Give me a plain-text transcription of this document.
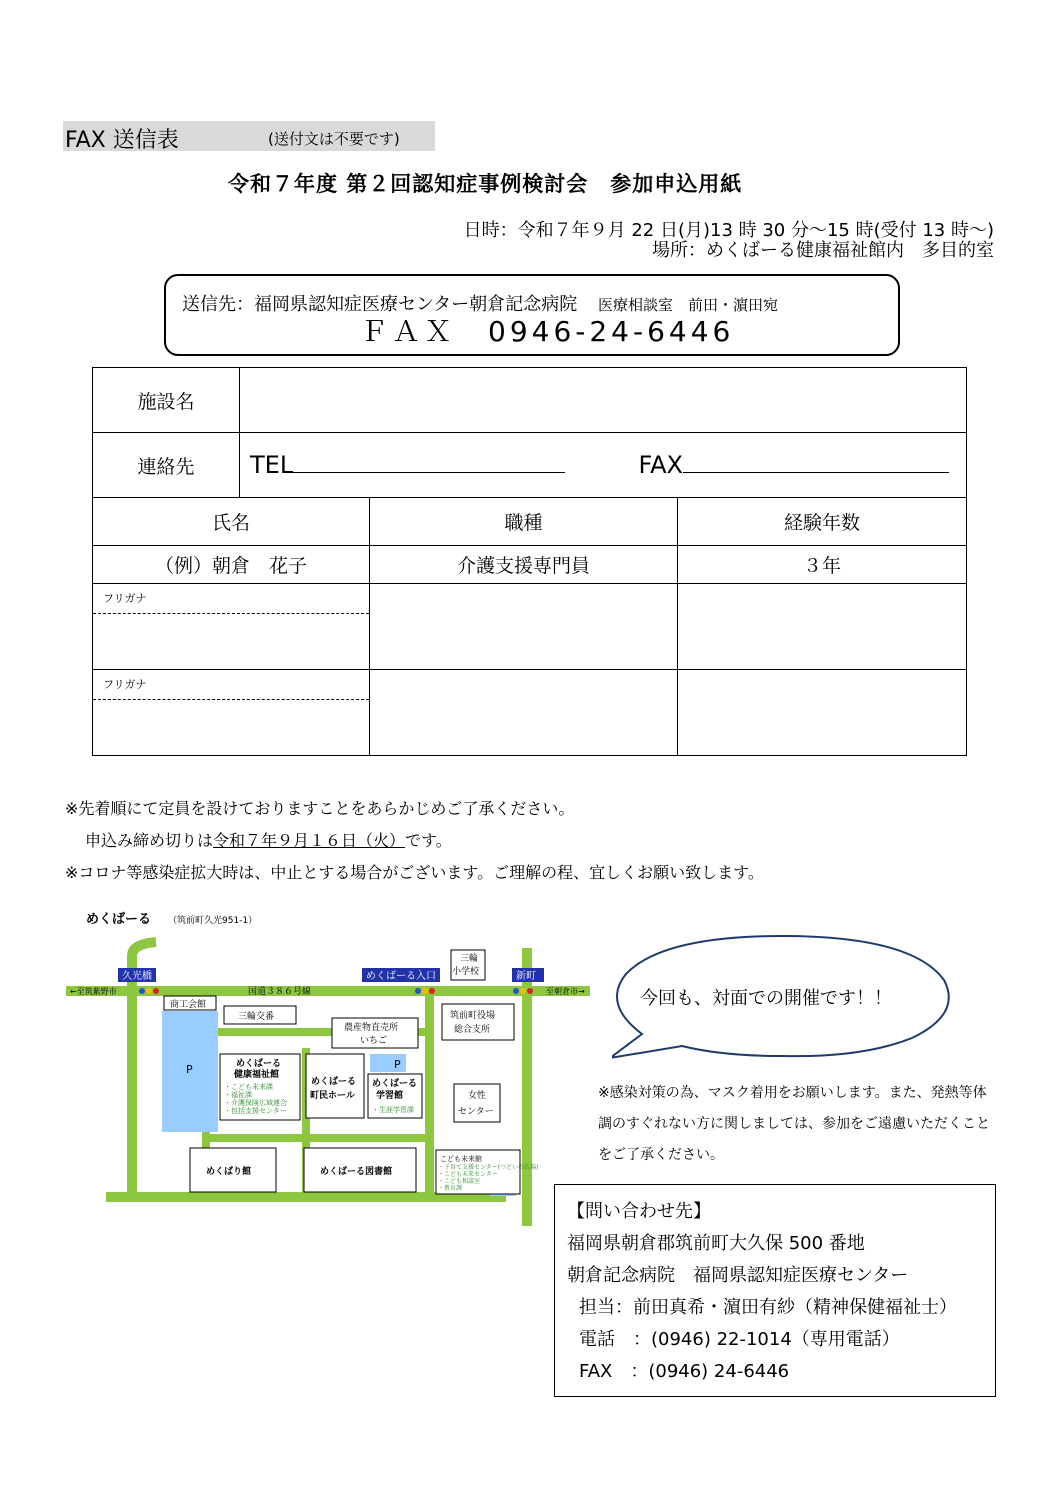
FAX 送信表	(送付文は不要です)
令和７年度 第２回認知症事例検討会　参加申込用紙
日時：令和７年９月 22 日(月)13 時 30 分～15 時(受付 13 時～)
場所：めくばーる健康福祉館内　多目的室
送信先：福岡県認知症医療センター朝倉記念病院 　 医療相談室　前田・濵田宛
ＦＡＸ　0946-24-6446
施設名			
連絡先	TEL FAX		
氏名		職種	経験年数
（例）朝倉　花子		介護支援専門員	３年

フリガナ			

フリガナ			

※先着順にて定員を設けておりますことをあらかじめご了承ください。
申込み締め切りは令和７年９月１６日（火）です。
※コロナ等感染症拡大時は、中止とする場合がございます。ご理解の程、宜しくお願い致します。
P	P
めくばーる （筑前町久光951-1）
久光橋	めくばーる入口	新町
←至筑紫野市	至朝倉市→
国道３８６号線
三輪
小学校
商工会館
三輪交番
農産物直売所
いちご
筑前町役場
総合支所
めくばーる
健康福祉館
・こども未来課
・福祉課
・介護保険広域連合
・包括支援センター
めくばーる
町民ホール
めくばーる
学習館
・生涯学習課
女性
センター
こども未来館
・子育て支援センター(つどいの広場)
・こども未来センター
・こども相談室
・教育課
めくばり館	めくばーる図書館
今回も、対面での開催です！！
※感染対策の為、マスク着用をお願いします。また、発熱等体調のすぐれない方に関しましては、参加をご遠慮いただくことをご了承ください。
【問い合わせ先】
福岡県朝倉郡筑前町大久保 500 番地
朝倉記念病院　福岡県認知症医療センター
担当：前田真希・濵田有紗（精神保健福祉士）
電話　：(0946) 22-1014（専用電話）
FAX　：(0946) 24-6446
